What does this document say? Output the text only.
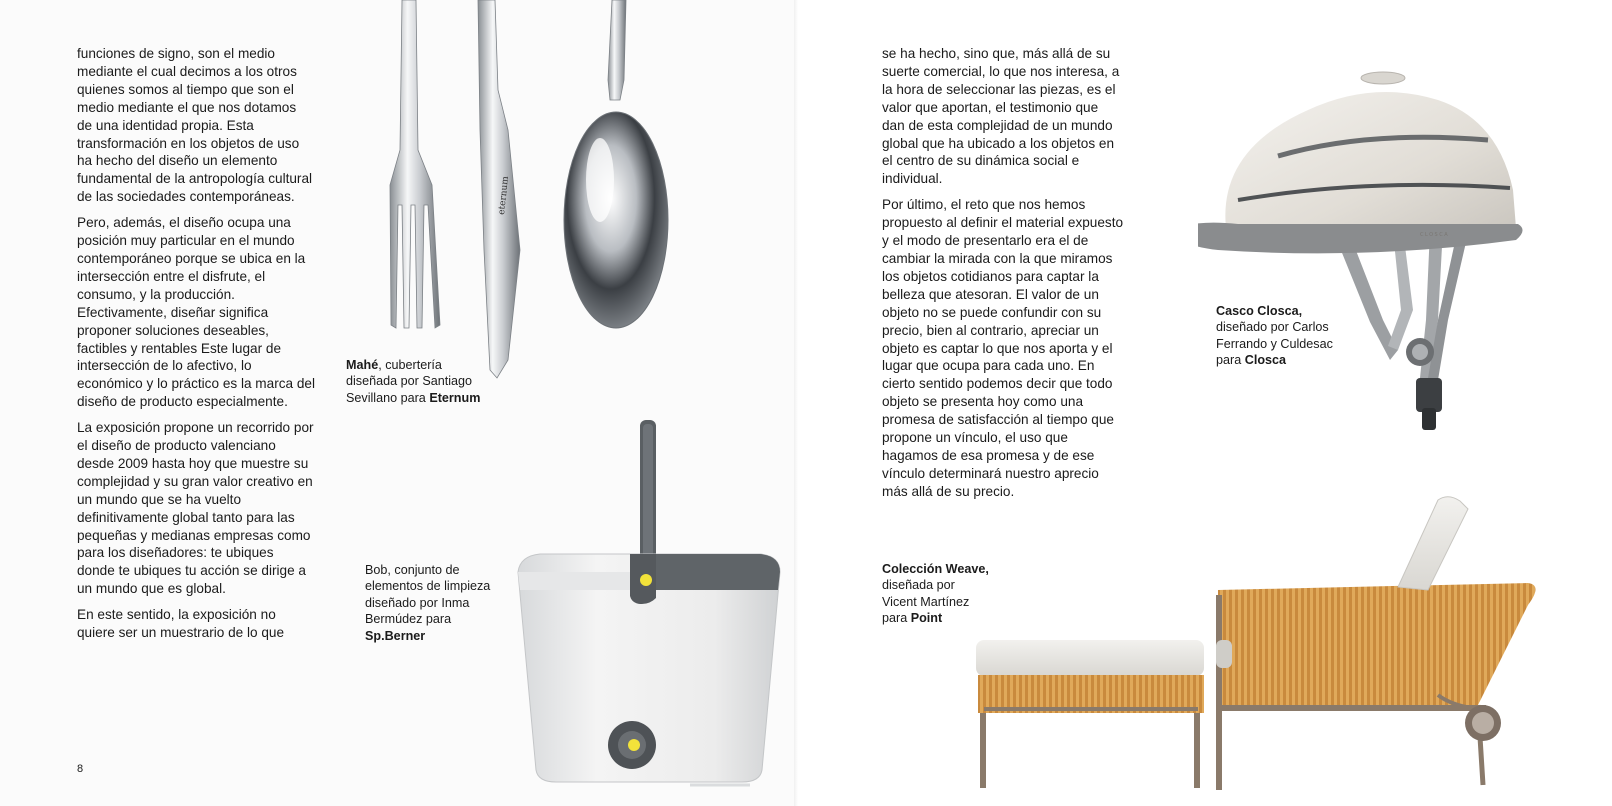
funciones de signo, son el medio mediante el cual decimos a los otros quienes somos al tiempo que son el medio mediante el que nos dotamos de una identidad propia. Esta transformación en los objetos de uso ha hecho del diseño un elemento fundamental de la antropología cultural de las sociedades contemporáneas.

Pero, además, el diseño ocupa una posición muy particular en el mundo contemporáneo porque se ubica en la intersección entre el disfrute, el consumo, y la producción. Efectivamente, diseñar significa proponer soluciones deseables, factibles y rentables Este lugar de intersección de lo afectivo, lo económico y lo práctico es la marca del diseño de producto especialmente.

La exposición propone un recorrido por el diseño de producto valenciano desde 2009 hasta hoy que muestre su complejidad y su gran valor creativo en un mundo que se ha vuelto definitivamente global tanto para las pequeñas y medianas empresas como para los diseñadores: te ubiques donde te ubiques tu acción se dirige a un mundo que es global.

En este sentido, la exposición no quiere ser un muestrario de lo que

8
eternum
Mahé, cubertería diseñada por Santiago Sevillano para Eternum
Bob, conjunto de elementos de limpieza diseñado por Inma Bermúdez para Sp.Berner

se ha hecho, sino que, más allá de su suerte comercial, lo que nos interesa, a la hora de seleccionar las piezas, es el valor que aportan, el testimonio que dan de esta complejidad de un mundo global que ha ubicado a los objetos en el centro de su dinámica social e individual.

Por último, el reto que nos hemos propuesto al definir el material expuesto y el modo de presentarlo era el de cambiar la mirada con la que miramos los objetos cotidianos para captar la belleza que atesoran. El valor de un objeto no se puede confundir con su precio, bien al contrario, apreciar un objeto es captar lo que nos aporta y el lugar que ocupa para cada uno. En cierto sentido podemos decir que todo objeto se presenta hoy como una promesa de satisfacción al tiempo que propone un vínculo, el uso que hagamos de esa promesa y de ese vínculo determinará nuestro aprecio más allá de su precio.

CLOSCA
Casco Closca, diseñado por Carlos Ferrando y Culdesac para Closca
Colección Weave, diseñada por Vicent Martínez para Point
